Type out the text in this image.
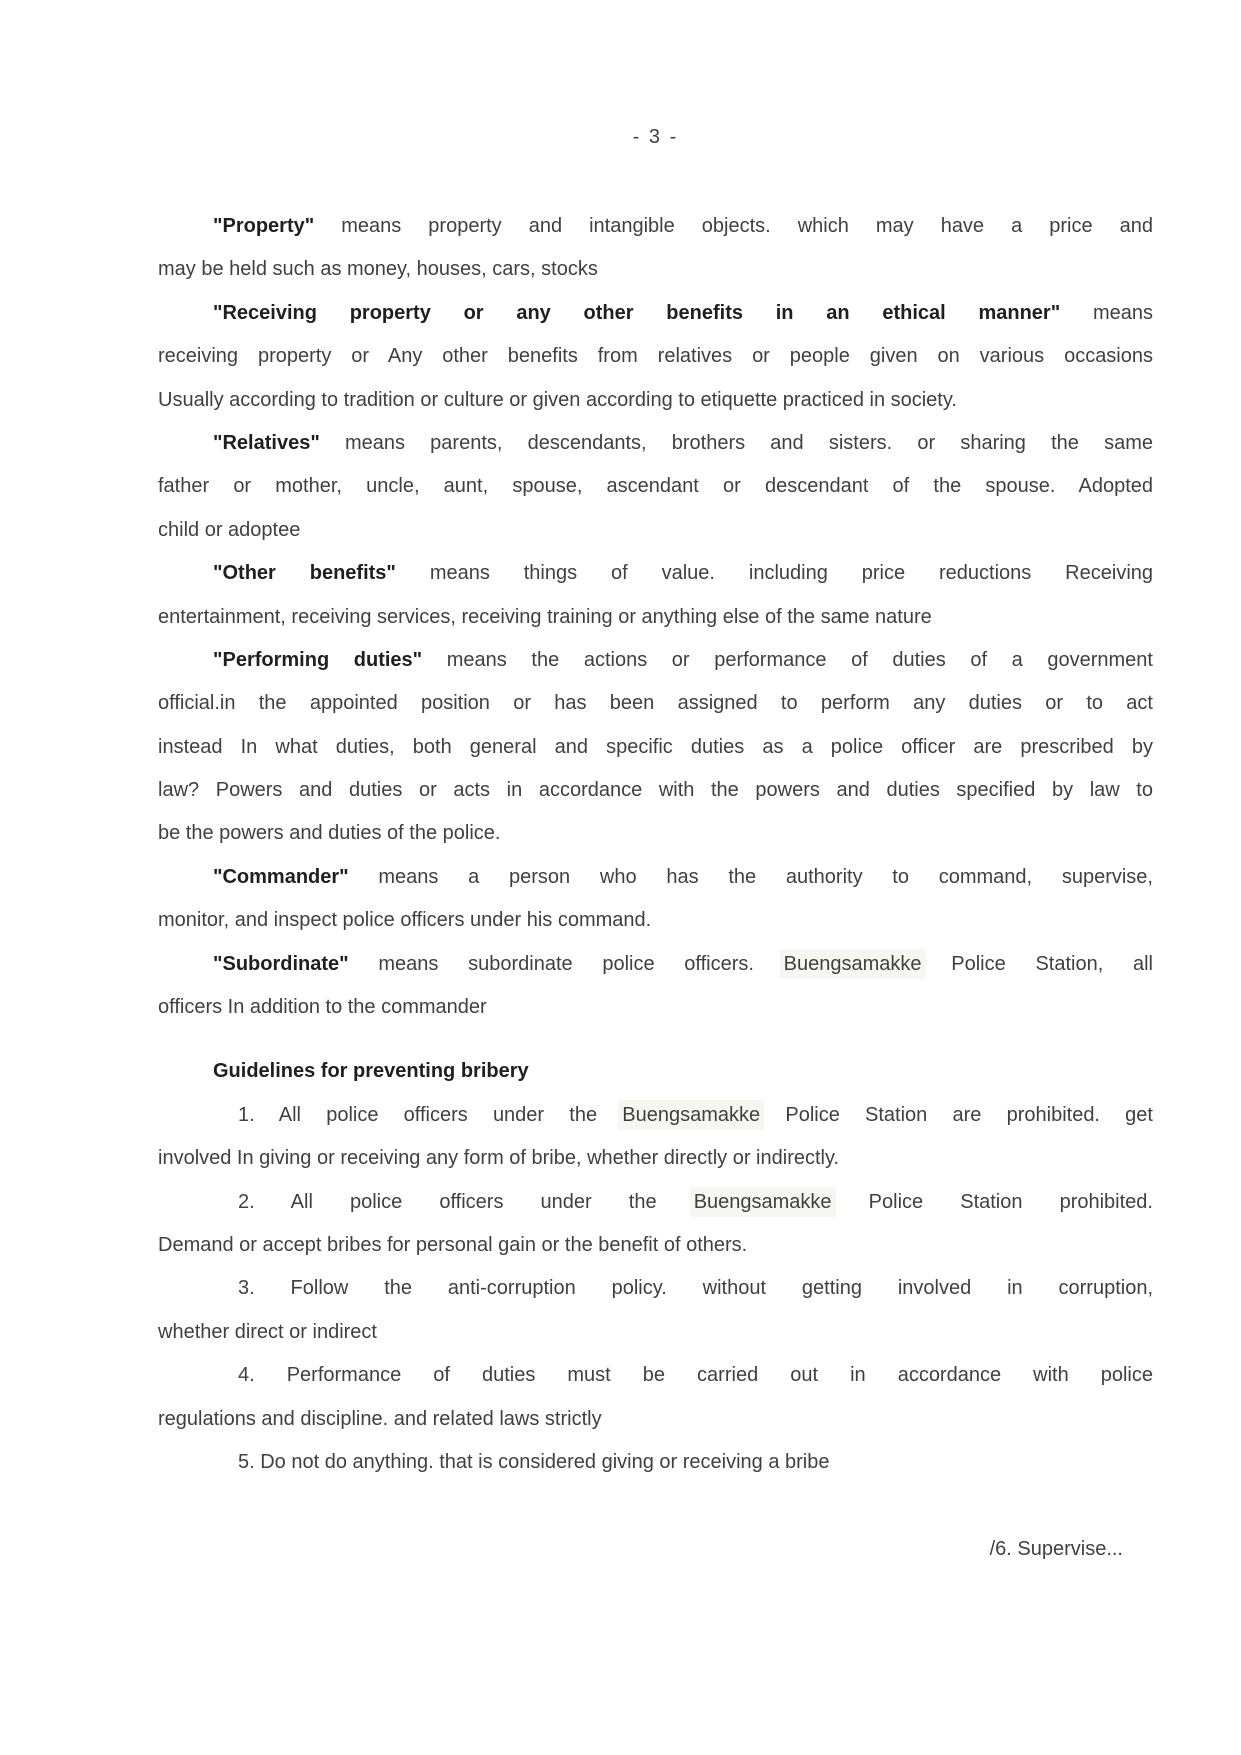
- 3 -
"Property" means property and intangible objects. which may have a price and
may be held such as money, houses, cars, stocks
"Receiving property or any other benefits in an ethical manner" means
receiving property or Any other benefits from relatives or people given on various occasions
Usually according to tradition or culture or given according to etiquette practiced in society.
"Relatives" means parents, descendants, brothers and sisters. or sharing the same
father or mother, uncle, aunt, spouse, ascendant or descendant of the spouse. Adopted
child or adoptee
"Other benefits" means things of value. including price reductions Receiving
entertainment, receiving services, receiving training or anything else of the same nature
"Performing duties" means the actions or performance of duties of a government
official.in the appointed position or has been assigned to perform any duties or to act
instead In what duties, both general and specific duties as a police officer are prescribed by
law? Powers and duties or acts in accordance with the powers and duties specified by law to
be the powers and duties of the police.
"Commander" means a person who has the authority to command, supervise,
monitor, and inspect police officers under his command.
"Subordinate" means subordinate police officers. Buengsamakke Police Station, all
officers In addition to the commander
Guidelines for preventing bribery
1. All police officers under the Buengsamakke Police Station are prohibited. get
involved In giving or receiving any form of bribe, whether directly or indirectly.
2. All police officers under the Buengsamakke Police Station prohibited.
Demand or accept bribes for personal gain or the benefit of others.
3. Follow the anti-corruption policy. without getting involved in corruption,
whether direct or indirect
4. Performance of duties must be carried out in accordance with police
regulations and discipline. and related laws strictly
5. Do not do anything. that is considered giving or receiving a bribe
/6. Supervise...
